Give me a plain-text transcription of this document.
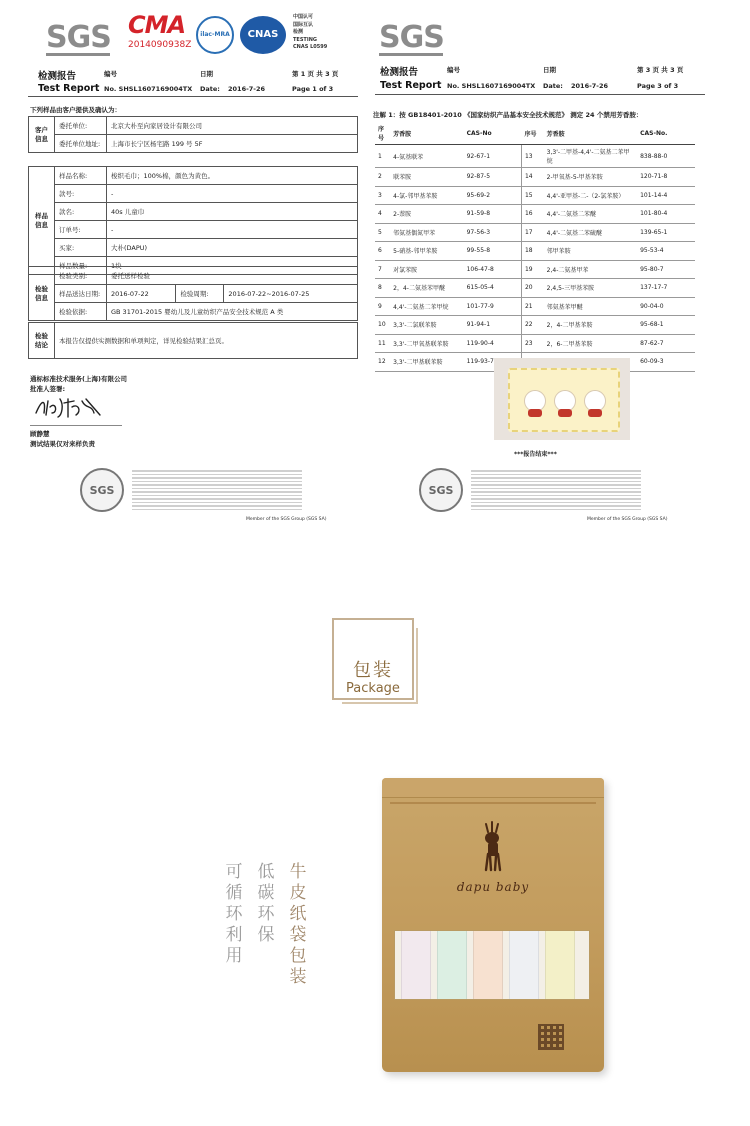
SGS CMA
2014090938Z
ilac-MRA	CNAS
中国认可
国际互认
检测
TESTING
CNAS L0599
检测报告
Test Report
编号
No. SHSL1607169004TX
日期
Date: 2016-7-26
第 1 页 共 3 页
Page 1 of 3
下列样品由客户提供及确认为：
客户信息	委托单位:	北京大朴至向家居设计有限公司
	委托单位地址:	上海市长宁区杨宅路 199 号 5F
样品信息	样品名称:	梭织毛巾；100%棉，颜色为黄色。
	款号:	-
	款名:	40s 儿童巾
	订单号:	-
	买家:	大朴(DAPU)
	样品数量:	1块
检验信息	检验类别:	委托送样检验		
	样品送达日期:	2016-07-22	检验周期:	2016-07-22~2016-07-25
	检验依据:	GB 31701-2015 婴幼儿及儿童纺织产品安全技术规范 A 类		
检验结论	本报告仅提供实测数据和单项判定，详见检验结果汇总页。
通标标准技术服务(上海)有限公司
批准人签署:
顾静慧
测试结果仅对来样负责
SGS
Member of the SGS Group (SGS SA)
SGS
检测报告
Test Report
编号
No. SHSL1607169004TX
日期
Date: 2016-7-26
第 3 页 共 3 页
Page 3 of 3
SGS
Member of the SGS Group (SGS SA)
注解 1：按 GB18401-2010 《国家纺织产品基本安全技术规范》 测定 24 个禁用芳香胺：
序号	芳香胺	CAS-No	序号	芳香胺	CAS-No.
1	4-氨基联苯	92-67-1	13	3,3'-二甲基-4,4'-二氨基二苯甲烷	838-88-0
2	联苯胺	92-87-5	14	2-甲氧基-5-甲基苯胺	120-71-8
3	4-氯-邻甲基苯胺	95-69-2	15	4,4'-亚甲基-二-（2-氯苯胺）	101-14-4
4	2-萘胺	91-59-8	16	4,4'-二氨基二苯醚	101-80-4
5	邻氨基偶氮甲苯	97-56-3	17	4,4'-二氨基二苯硫醚	139-65-1
6	5-硝基-邻甲苯胺	99-55-8	18	邻甲苯胺	95-53-4
7	对氯苯胺	106-47-8	19	2,4-二氨基甲苯	95-80-7
8	2，4-二氨基苯甲醚	615-05-4	20	2,4,5-三甲基苯胺	137-17-7
9	4,4'-二氨基二苯甲烷	101-77-9	21	邻氨基苯甲醚	90-04-0
10	3,3'-二氯联苯胺	91-94-1	22	2，4-二甲基苯胺	95-68-1
11	3,3'-二甲氧基联苯胺	119-90-4	23	2，6-二甲基苯胺	87-62-7
12	3,3'-二甲基联苯胺	119-93-7			60-09-3
***报告结束***
包装
Package
可循环利用
低碳环保
牛皮纸袋包装
dapu baby
